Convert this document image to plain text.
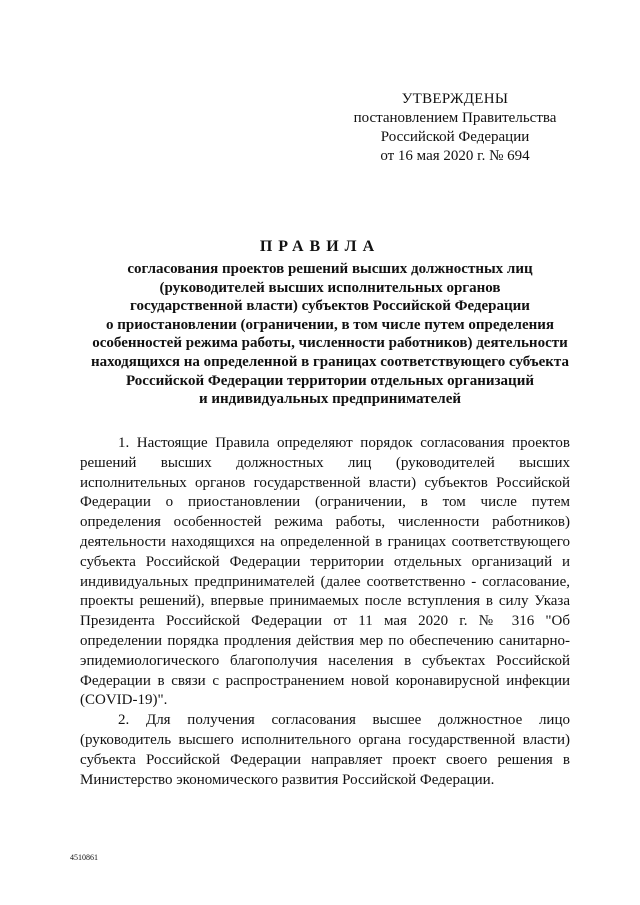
УТВЕРЖДЕНЫ
постановлением Правительства
Российской Федерации
от 16 мая 2020 г. № 694
ПРАВИЛА
согласования проектов решений высших должностных лиц
(руководителей высших исполнительных органов
государственной власти) субъектов Российской Федерации
о приостановлении (ограничении, в том числе путем определения
особенностей режима работы, численности работников) деятельности
находящихся на определенной в границах соответствующего субъекта
Российской Федерации территории отдельных организаций
и индивидуальных предпринимателей

1. Настоящие Правила определяют порядок согласования проектов решений высших должностных лиц (руководителей высших исполнительных органов государственной власти) субъектов Российской Федерации о приостановлении (ограничении, в том числе путем определения особенностей режима работы, численности работников) деятельности находящихся на определенной в границах соответствующего субъекта Российской Федерации территории отдельных организаций и индивидуальных предпринимателей (далее соответственно - согласование, проекты решений), впервые принимаемых после вступления в силу Указа Президента Российской Федерации от 11 мая 2020 г. № 316 "Об определении порядка продления действия мер по обеспечению санитарно-эпидемиологического благополучия населения в субъектах Российской Федерации в связи с распространением новой коронавирусной инфекции (COVID-19)".

2. Для получения согласования высшее должностное лицо (руководитель высшего исполнительного органа государственной власти) субъекта Российской Федерации направляет проект своего решения в Министерство экономического развития Российской Федерации.

4510861
